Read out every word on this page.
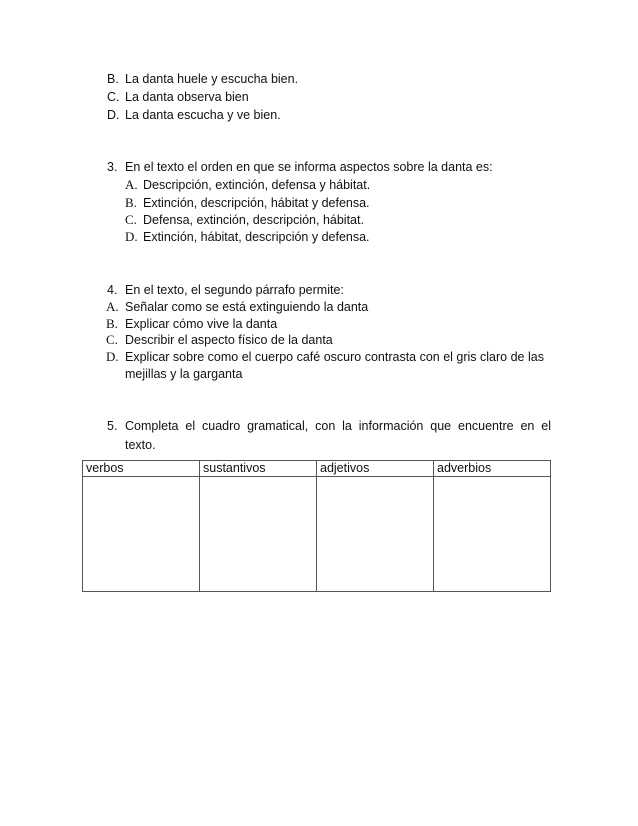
B. La danta huele y escucha bien.
C. La danta observa bien
D. La danta escucha y ve bien.
3. En el texto el orden en que se informa aspectos sobre la danta es:
A. Descripción, extinción, defensa y hábitat.
B. Extinción, descripción, hábitat y defensa.
C. Defensa, extinción, descripción, hábitat.
D. Extinción, hábitat, descripción y defensa.
4. En el texto, el segundo párrafo permite:
A. Señalar como se está extinguiendo la danta
B. Explicar cómo vive la danta
C. Describir el aspecto físico de la danta
D. Explicar sobre como el cuerpo café oscuro contrasta con el gris claro de las
mejillas y la garganta
5. Completa el cuadro gramatical, con la información que encuentre en el
texto.
verbos	sustantivos	adjetivos	adverbios
